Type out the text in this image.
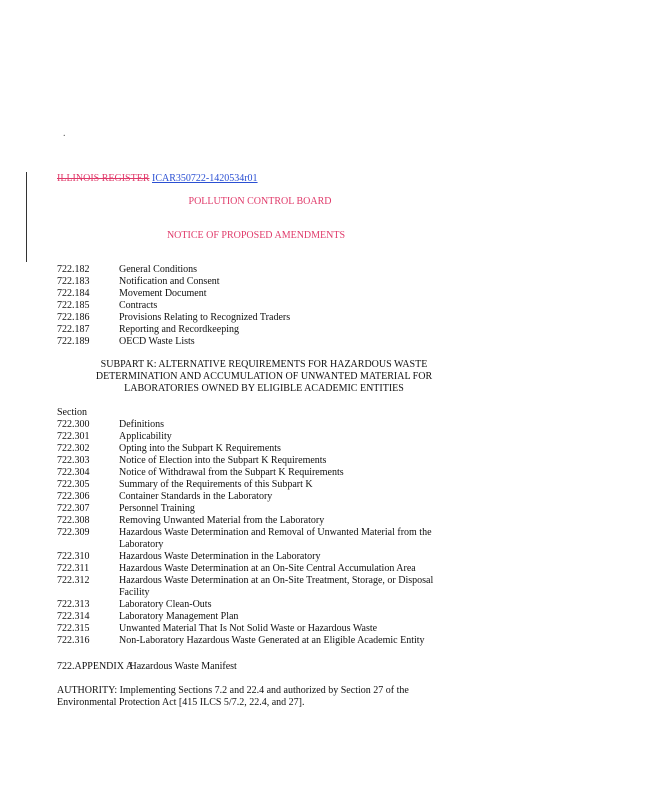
.
ILLINOIS REGISTER ICAR350722-1420534r01
POLLUTION CONTROL BOARD
NOTICE OF PROPOSED AMENDMENTS
722.182	General Conditions
722.183	Notification and Consent
722.184	Movement Document
722.185	Contracts
722.186	Provisions Relating to Recognized Traders
722.187	Reporting and Recordkeeping
722.189	OECD Waste Lists
SUBPART K: ALTERNATIVE REQUIREMENTS FOR HAZARDOUS WASTE
DETERMINATION AND ACCUMULATION OF UNWANTED MATERIAL FOR
LABORATORIES OWNED BY ELIGIBLE ACADEMIC ENTITIES
Section
722.300	Definitions
722.301	Applicability
722.302	Opting into the Subpart K Requirements
722.303	Notice of Election into the Subpart K Requirements
722.304	Notice of Withdrawal from the Subpart K Requirements
722.305	Summary of the Requirements of this Subpart K
722.306	Container Standards in the Laboratory
722.307	Personnel Training
722.308	Removing Unwanted Material from the Laboratory
722.309	Hazardous Waste Determination and Removal of Unwanted Material from the Laboratory
722.310	Hazardous Waste Determination in the Laboratory
722.311	Hazardous Waste Determination at an On-Site Central Accumulation Area
722.312	Hazardous Waste Determination at an On-Site Treatment, Storage, or Disposal Facility
722.313	Laboratory Clean-Outs
722.314	Laboratory Management Plan
722.315	Unwanted Material That Is Not Solid Waste or Hazardous Waste
722.316	Non-Laboratory Hazardous Waste Generated at an Eligible Academic Entity
722.APPENDIX A Hazardous Waste Manifest
AUTHORITY: Implementing Sections 7.2 and 22.4 and authorized by Section 27 of the Environmental Protection Act [415 ILCS 5/7.2, 22.4, and 27].
